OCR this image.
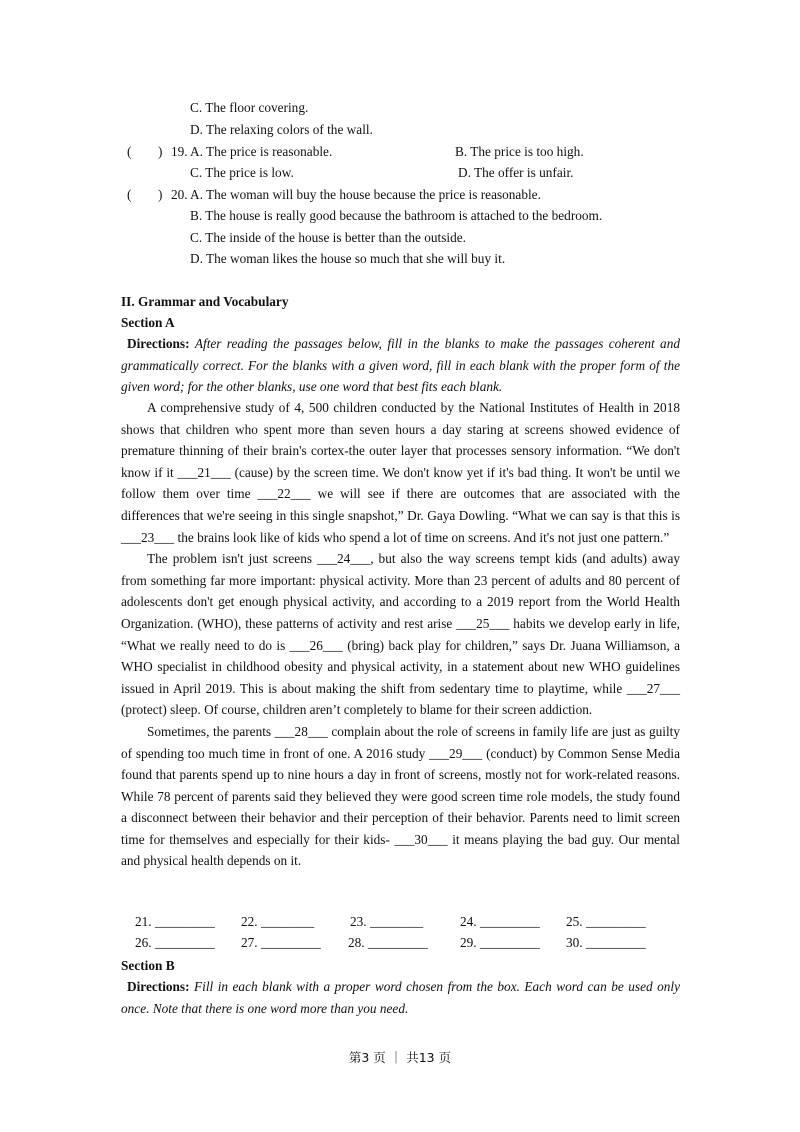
C. The floor covering.
D. The relaxing colors of the wall.
(　　) 19. A. The price is reasonable.	B. The price is too high.
C. The price is low.	D. The offer is unfair.
(　　) 20. A. The woman will buy the house because the price is reasonable.
B. The house is really good because the bathroom is attached to the bedroom.
C. The inside of the house is better than the outside.
D. The woman likes the house so much that she will buy it.
II. Grammar and Vocabulary
Section A
Directions: After reading the passages below, fill in the blanks to make the passages coherent and grammatically correct. For the blanks with a given word, fill in each blank with the proper form of the given word; for the other blanks, use one word that best fits each blank.

A comprehensive study of 4, 500 children conducted by the National Institutes of Health in 2018 shows that children who spent more than seven hours a day staring at screens showed evidence of premature thinning of their brain's cortex-the outer layer that processes sensory information. “We don't know if it ___21___ (cause) by the screen time. We don't know yet if it's bad thing. It won't be until we follow them over time ___22___ we will see if there are outcomes that are associated with the differences that we're seeing in this single snapshot,” Dr. Gaya Dowling. “What we can say is that this is ___23___ the brains look like of kids who spend a lot of time on screens. And it's not just one pattern.”

The problem isn't just screens ___24___, but also the way screens tempt kids (and adults) away from something far more important: physical activity. More than 23 percent of adults and 80 percent of adolescents don't get enough physical activity, and according to a 2019 report from the World Health Organization. (WHO), these patterns of activity and rest arise ___25___ habits we develop early in life, “What we really need to do is ___26___ (bring) back play for children,” says Dr. Juana Williamson, a WHO specialist in childhood obesity and physical activity, in a statement about new WHO guidelines issued in April 2019. This is about making the shift from sedentary time to playtime, while ___27___ (protect) sleep. Of course, children aren’t completely to blame for their screen addiction.

Sometimes, the parents ___28___ complain about the role of screens in family life are just as guilty of spending too much time in front of one. A 2016 study ___29___ (conduct) by Common Sense Media found that parents spend up to nine hours a day in front of screens, mostly not for work-related reasons. While 78 percent of parents said they believed they were good screen time role models, the study found a disconnect between their behavior and their perception of their behavior. Parents need to limit screen time for themselves and especially for their kids- ___30___ it means playing the bad guy. Our mental and physical health depends on it.

21. _________ 22. ________	23. ________	24. _________ 25. _________
26. _________ 27. _________ 28. _________ 29. _________ 30. _________
Section B
Directions: Fill in each blank with a proper word chosen from the box. Each word can be used only once. Note that there is one word more than you need.
第3 页 ｜ 共13 页
